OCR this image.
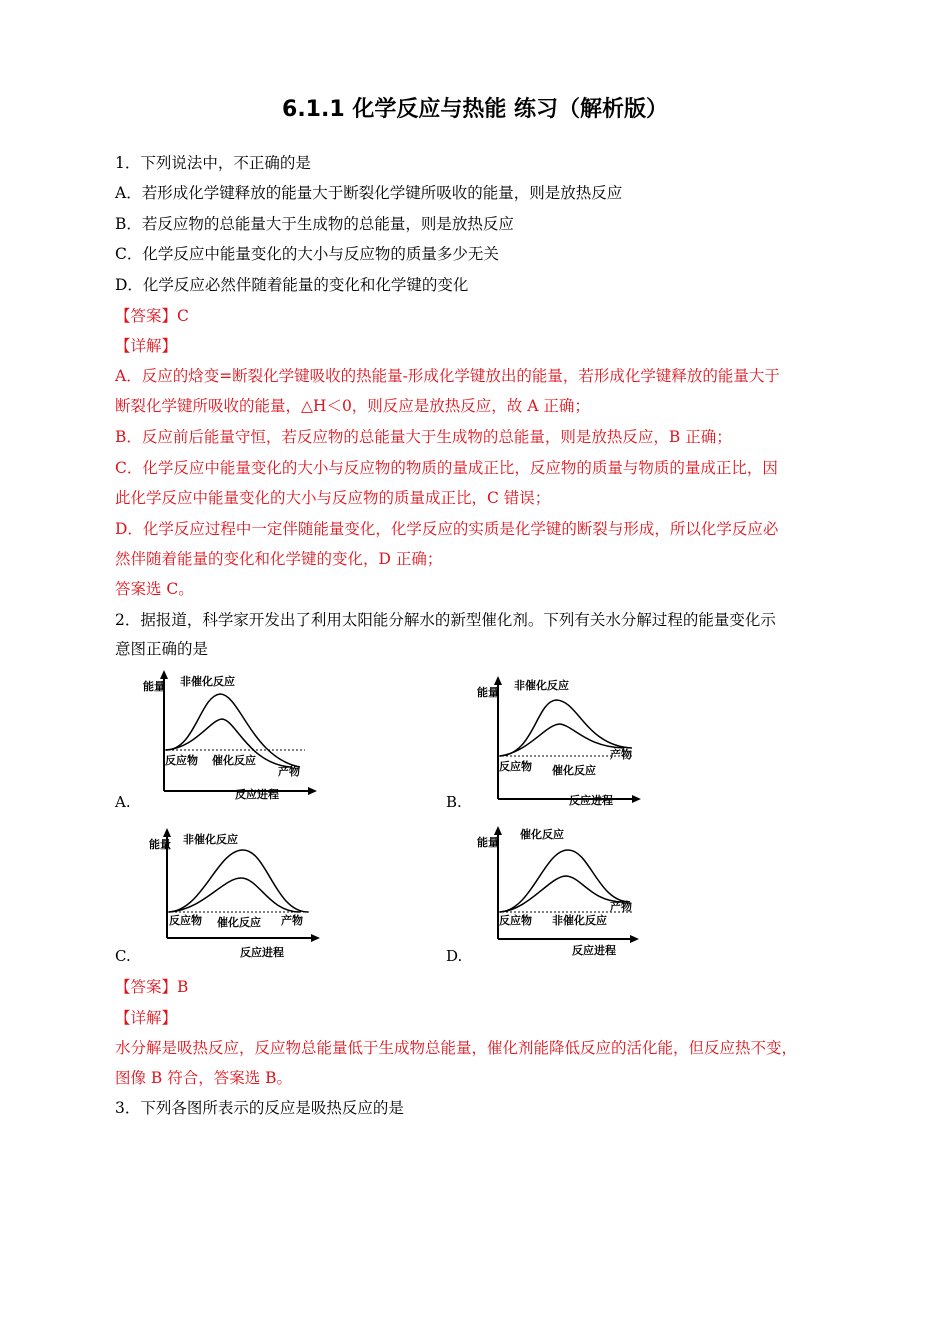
6.1.1 化学反应与热能 练习（解析版）
1．下列说法中，不正确的是
A．若形成化学键释放的能量大于断裂化学键所吸收的能量，则是放热反应
B．若反应物的总能量大于生成物的总能量，则是放热反应
C．化学反应中能量变化的大小与反应物的质量多少无关
D．化学反应必然伴随着能量的变化和化学键的变化
【答案】C
【详解】
A．反应的焓变=断裂化学键吸收的热能量-形成化学键放出的能量，若形成化学键释放的能量大于
断裂化学键所吸收的能量，△H＜0，则反应是放热反应，故 A 正确；
B．反应前后能量守恒，若反应物的总能量大于生成物的总能量，则是放热反应，B 正确；
C．化学反应中能量变化的大小与反应物的物质的量成正比，反应物的质量与物质的量成正比，因
此化学反应中能量变化的大小与反应物的质量成正比，C 错误；
D．化学反应过程中一定伴随能量变化，化学反应的实质是化学键的断裂与形成，所以化学反应必
然伴随着能量的变化和化学键的变化，D 正确；
答案选 C。
2．据报道，科学家开发出了利用太阳能分解水的新型催化剂。下列有关水分解过程的能量变化示
意图正确的是
能量 非催化反应
反应物 催化反应
产物
反应进程
A.
能量
非催化反应
反应物 催化反应
产物
反应进程
B.
能量 非催化反应
反应物 催化反应 产物
反应进程
C.
能量
催化反应
反应物 非催化反应
产物
反应进程
D.
【答案】B
【详解】
水分解是吸热反应，反应物总能量低于生成物总能量，催化剂能降低反应的活化能，但反应热不变，
图像 B 符合，答案选 B。
3．下列各图所表示的反应是吸热反应的是
